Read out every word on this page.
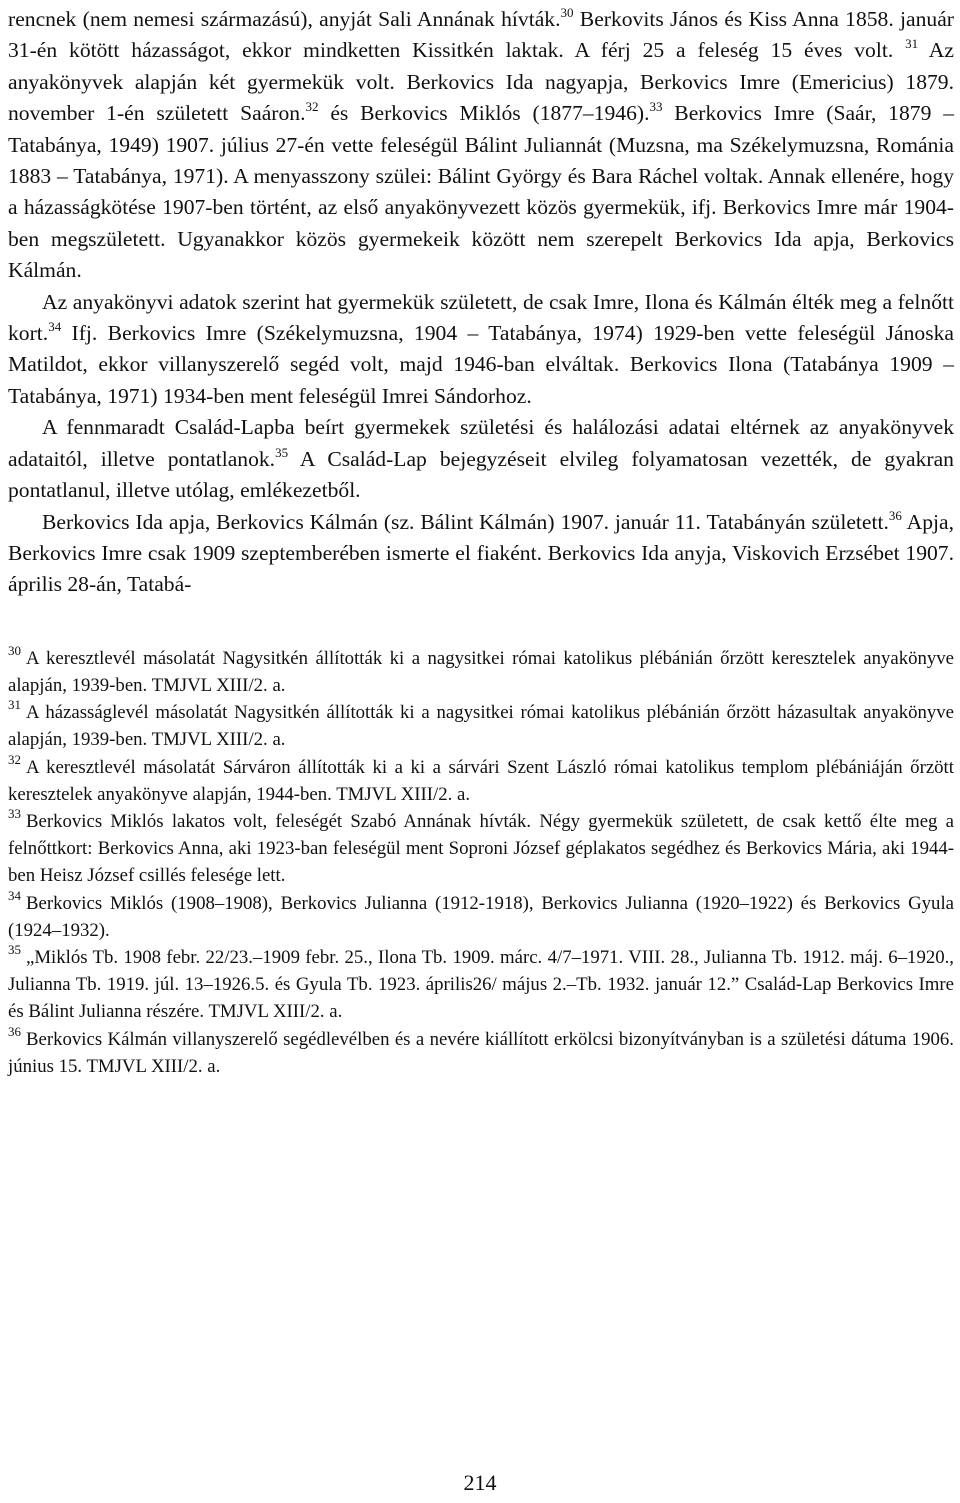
rencnek (nem nemesi származású), anyját Sali Annának hívták.$^{30}$ Berkovits János és Kiss Anna 1858. január 31-én kötött házasságot, ekkor mindketten Kissitkén laktak. A férj 25 a feleség 15 éves volt. $^{31}$ Az anyakönyvek alapján két gyermekük volt. Berkovics Ida nagyapja, Berkovics Imre (Emericius) 1879. november 1-én született Saáron.$^{32}$ és Berkovics Miklós (1877–1946).$^{33}$ Berkovics Imre (Saár, 1879 – Tatabánya, 1949) 1907. július 27-én vette feleségül Bálint Juliannát (Muzsna, ma Székelymuzsna, Románia 1883 – Tatabánya, 1971). A menyasszony szülei: Bálint György és Bara Ráchel voltak. Annak ellenére, hogy a házasságkötése 1907-ben történt, az első anyakönyvezett közös gyermekük, ifj. Berkovics Imre már 1904-ben megszületett. Ugyanakkor közös gyermekeik között nem szerepelt Berkovics Ida apja, Berkovics Kálmán.

Az anyakönyvi adatok szerint hat gyermekük született, de csak Imre, Ilona és Kálmán élték meg a felnőtt kort.$^{34}$ Ifj. Berkovics Imre (Székelymuzsna, 1904 – Tatabánya, 1974) 1929-ben vette feleségül Jánoska Matildot, ekkor villanyszerelő segéd volt, majd 1946-ban elváltak. Berkovics Ilona (Tatabánya 1909 – Tatabánya, 1971) 1934-ben ment feleségül Imrei Sándorhoz.

A fennmaradt Család-Lapba beírt gyermekek születési és halálozási adatai eltérnek az anyakönyvek adataitól, illetve pontatlanok.$^{35}$ A Család-Lap bejegyzéseit elvileg folyamatosan vezették, de gyakran pontatlanul, illetve utólag, emlékezetből.

Berkovics Ida apja, Berkovics Kálmán (sz. Bálint Kálmán) 1907. január 11. Tatabányán született.$^{36}$ Apja, Berkovics Imre csak 1909 szeptemberében ismerte el fiaként. Berkovics Ida anyja, Viskovich Erzsébet 1907. április 28-án, Tatabá-

$^{30}$ A keresztlevél másolatát Nagysitkén állították ki a nagysitkei római katolikus plébánián őrzött keresztelek anyakönyve alapján, 1939-ben. TMJVL XIII/2. a.

$^{31}$ A házasságlevél másolatát Nagysitkén állították ki a nagysitkei római katolikus plébánián őrzött házasultak anyakönyve alapján, 1939-ben. TMJVL XIII/2. a.

$^{32}$ A keresztlevél másolatát Sárváron állították ki a ki a sárvári Szent László római katolikus templom plébániáján őrzött keresztelek anyakönyve alapján, 1944-ben. TMJVL XIII/2. a.

$^{33}$ Berkovics Miklós lakatos volt, feleségét Szabó Annának hívták. Négy gyermekük született, de csak kettő élte meg a felnőttkort: Berkovics Anna, aki 1923-ban feleségül ment Soproni József géplakatos segédhez és Berkovics Mária, aki 1944-ben Heisz József csillés felesége lett.

$^{34}$ Berkovics Miklós (1908–1908), Berkovics Julianna (1912-1918), Berkovics Julianna (1920–1922) és Berkovics Gyula (1924–1932).

$^{35}$ „Miklós Tb. 1908 febr. 22/23.–1909 febr. 25., Ilona Tb. 1909. márc. 4/7–1971. VIII. 28., Julianna Tb. 1912. máj. 6–1920., Julianna Tb. 1919. júl. 13–1926.5. és Gyula Tb. 1923. április26/ május 2.–Tb. 1932. január 12.” Család-Lap Berkovics Imre és Bálint Julianna részére. TMJVL XIII/2. a.

$^{36}$ Berkovics Kálmán villanyszerelő segédlevélben és a nevére kiállított erkölcsi bizonyítványban is a születési dátuma 1906. június 15. TMJVL XIII/2. a.

214
